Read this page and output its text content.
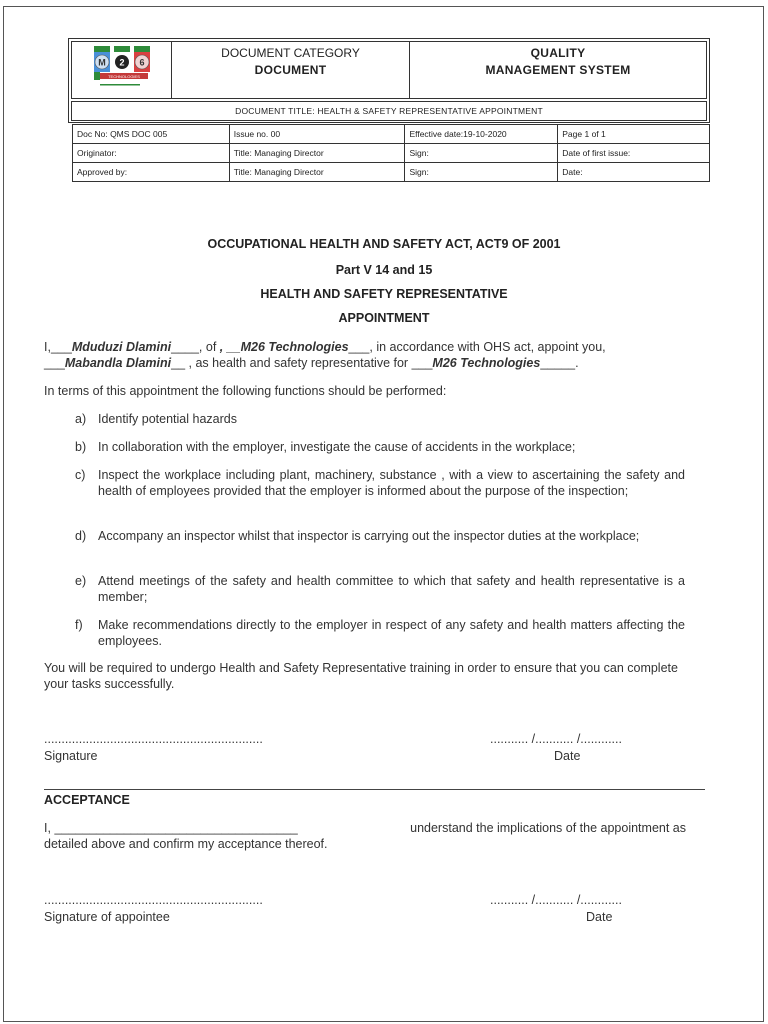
M 2 6
TECHNOLOGIES
DOCUMENT CATEGORY
DOCUMENT
QUALITY
MANAGEMENT SYSTEM
DOCUMENT TITLE: HEALTH & SAFETY REPRESENTATIVE APPOINTMENT
Doc No: QMS DOC 005	Issue no. 00	Effective date:19-10-2020	Page 1 of 1
Originator:	Title: Managing Director	Sign:	Date of first issue:
Approved by:	Title: Managing Director	Sign:	Date:
OCCUPATIONAL HEALTH AND SAFETY ACT, ACT9 OF 2001
Part V 14 and 15
HEALTH AND SAFETY REPRESENTATIVE
APPOINTMENT
I,___Mduduzi Dlamini____, of , __M26 Technologies___, in accordance with OHS act, appoint you,
___Mabandla Dlamini__ , as health and safety representative for ___M26 Technologies_____.
In terms of this appointment the following functions should be performed:
a) Identify potential hazards
b) In collaboration with the employer, investigate the cause of accidents in the workplace;
c) Inspect the workplace including plant, machinery, substance , with a view to ascertaining the safety and health of employees provided that the employer is informed about the purpose of the inspection;
d) Accompany an inspector whilst that inspector is carrying out the inspector duties at the workplace;
e) Attend meetings of the safety and health committee to which that safety and health representative is a member;
f) Make recommendations directly to the employer in respect of any safety and health matters affecting the employees.
You will be required to undergo Health and Safety Representative training in order to ensure that you can complete your tasks successfully.
...............................................................
Signature
........... /........... /............
Date
ACCEPTANCE
I, ___________________________________	understand the implications of the appointment as
detailed above and confirm my acceptance thereof.
...............................................................
Signature of appointee
........... /........... /............
Date
